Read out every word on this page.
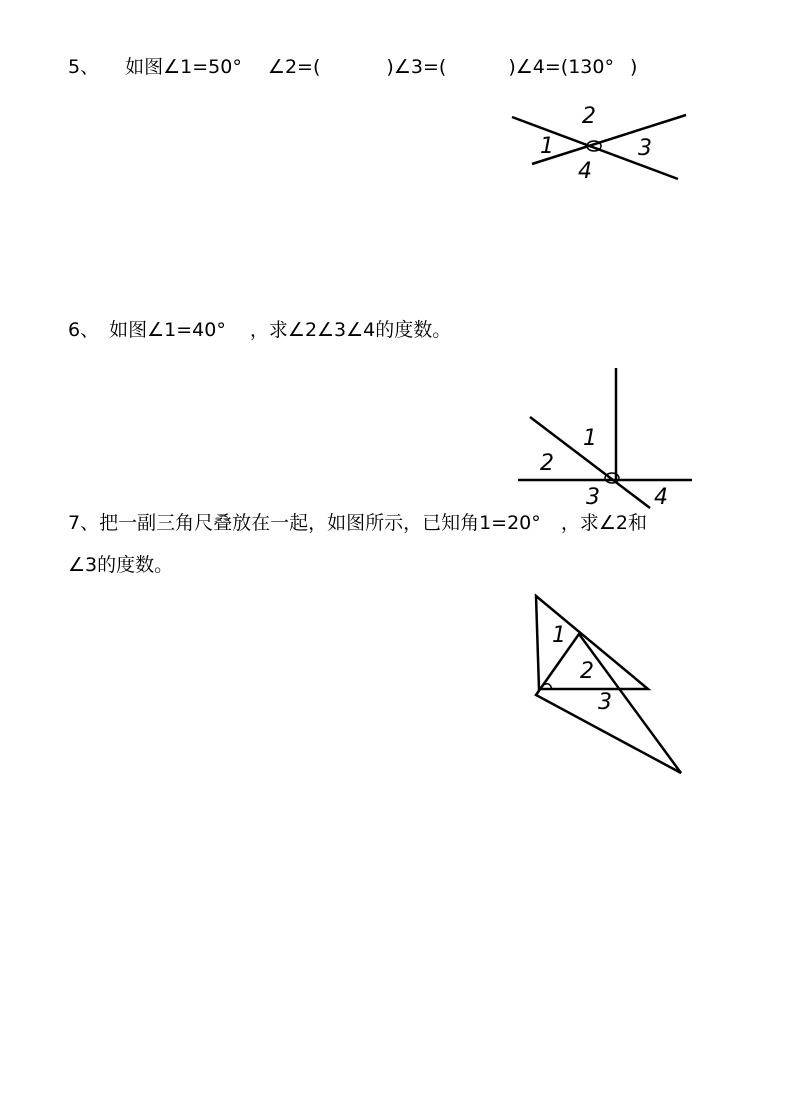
5、 如图∠1=50° ∠2=(	)∠3=(	)∠4=(130° )
2
1	3
4
6、 如图∠1=40° ，求∠2∠3∠4的度数。
1
2
3 4
7、把一副三角尺叠放在一起，如图所示，已知角1=20° ，求∠2和
∠3的度数。
1
2
3
